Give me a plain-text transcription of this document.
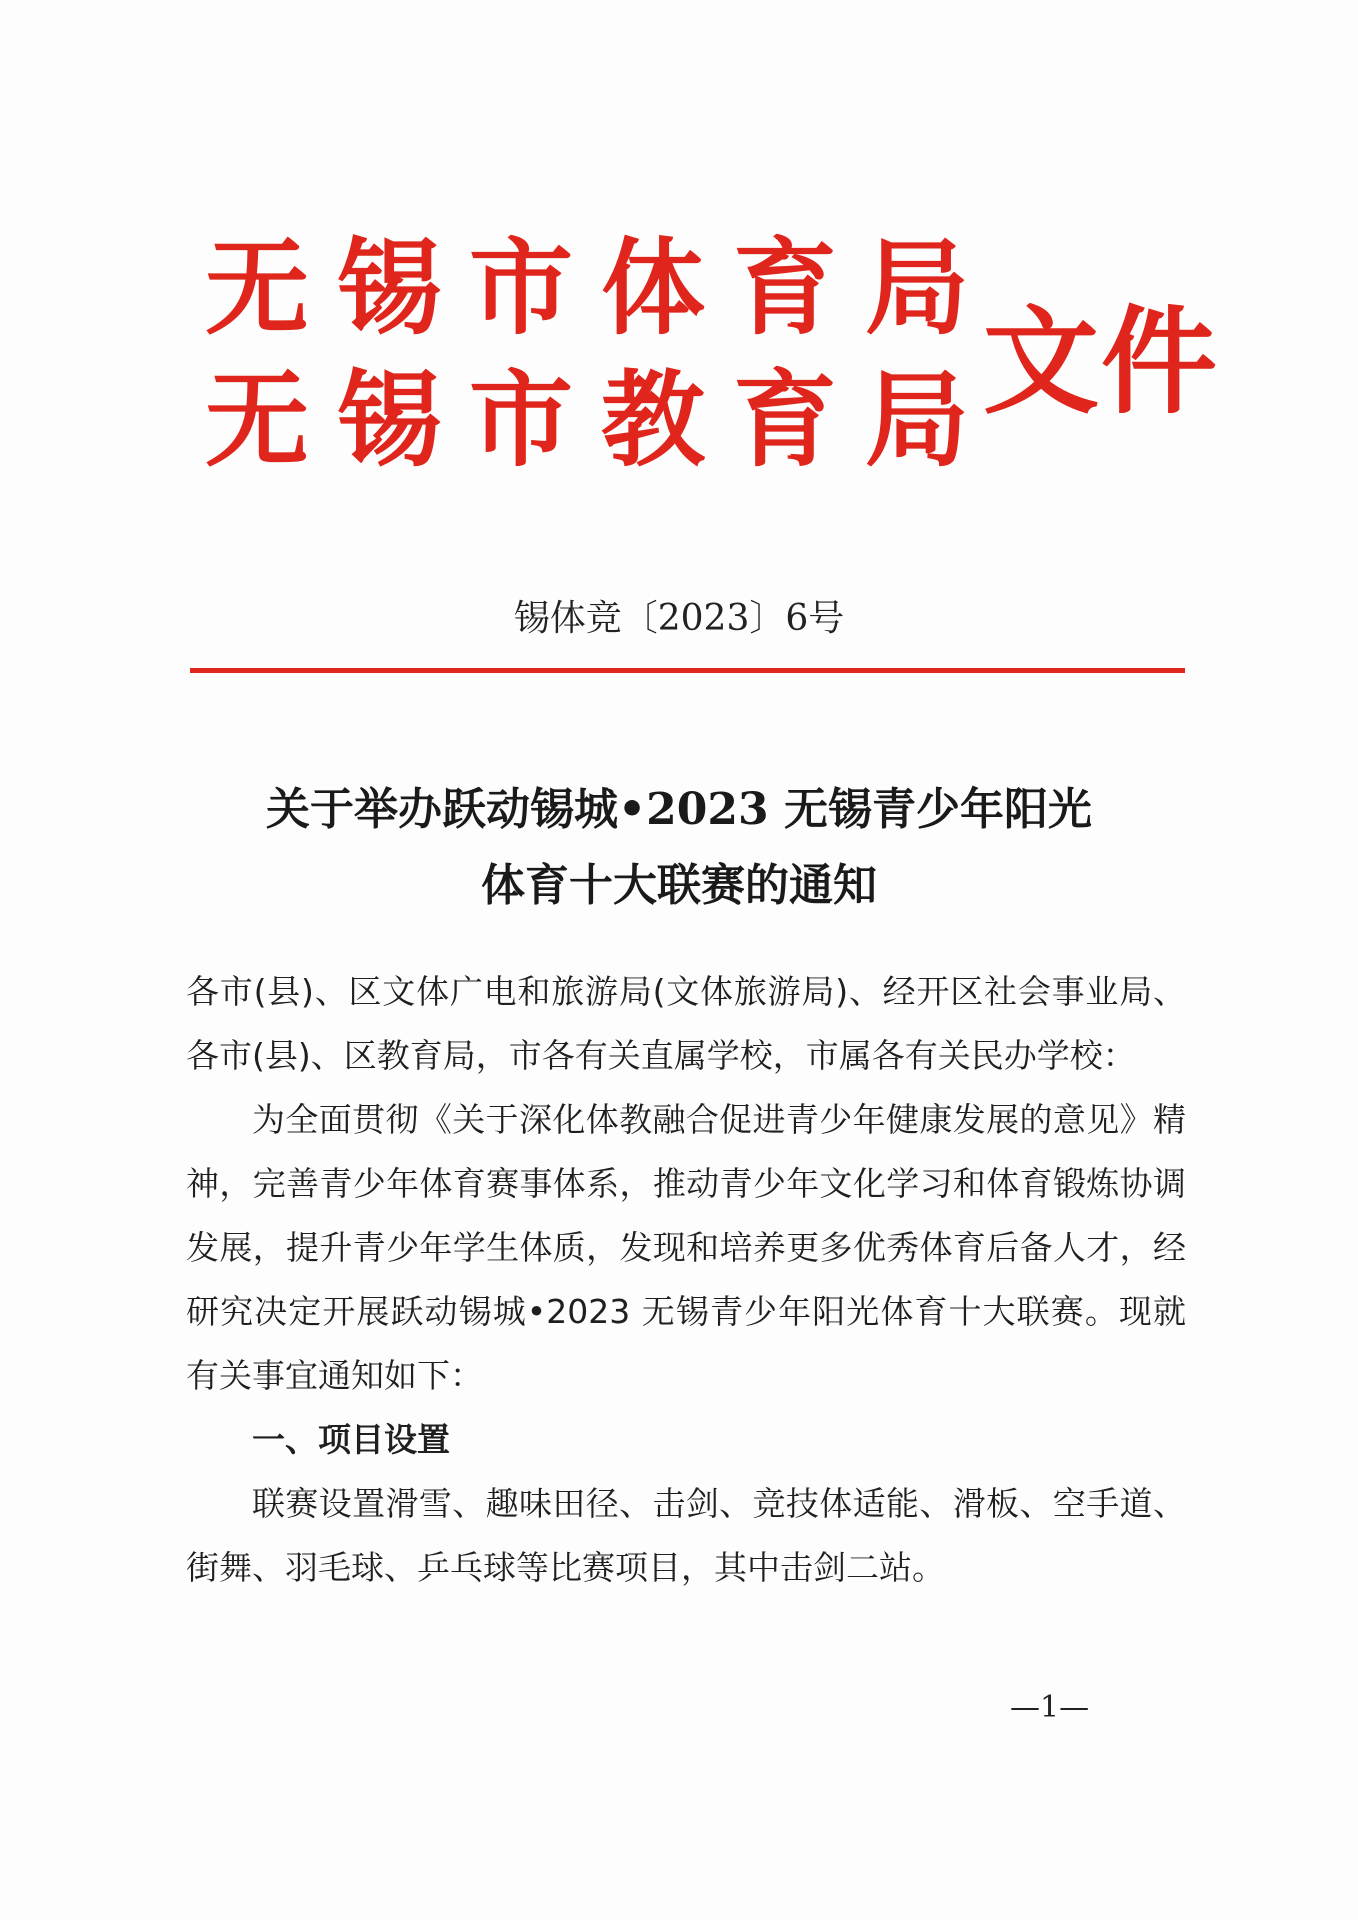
无锡市体育局
无锡市教育局
文件
锡体竞〔2023〕6号
关于举办跃动锡城•2023 无锡青少年阳光
体育十大联赛的通知

各市(县)、区文体广电和旅游局(文体旅游局)、经开区社会事业局、各市(县)、区教育局，市各有关直属学校，市属各有关民办学校：

为全面贯彻《关于深化体教融合促进青少年健康发展的意见》精神，完善青少年体育赛事体系，推动青少年文化学习和体育锻炼协调发展，提升青少年学生体质，发现和培养更多优秀体育后备人才，经研究决定开展跃动锡城•2023 无锡青少年阳光体育十大联赛。现就有关事宜通知如下：

一、项目设置

联赛设置滑雪、趣味田径、击剑、竞技体适能、滑板、空手道、街舞、羽毛球、乒乓球等比赛项目，其中击剑二站。

—1—
